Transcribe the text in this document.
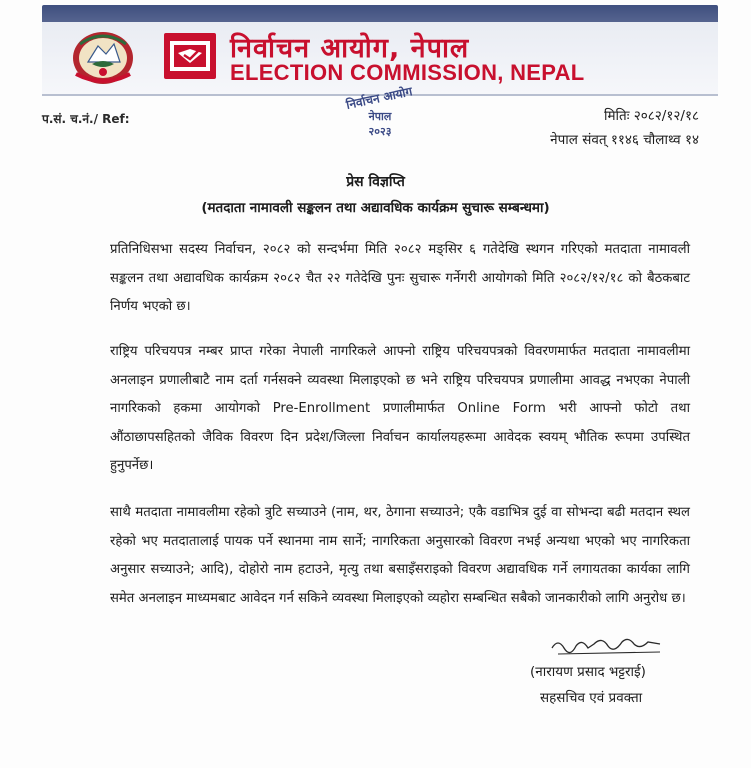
निर्वाचन आयोग, नेपाल
ELECTION COMMISSION, NEPAL
निर्वाचन आयोग
नेपाल
२०२३
प.सं. च.नं./ Ref:	मितिः २०८२/१२/१८
नेपाल संवत् ११४६ चौलाथ्व १४
प्रेस विज्ञप्ति
(मतदाता नामावली सङ्कलन तथा अद्यावधिक कार्यक्रम सुचारू सम्बन्धमा)
प्रतिनिधिसभा सदस्य निर्वाचन, २०८२ को सन्दर्भमा मिति २०८२ मङ्सिर ६ गतेदेखि स्थगन गरिएको मतदाता नामावली सङ्कलन तथा अद्यावधिक कार्यक्रम २०८२ चैत २२ गतेदेखि पुनः सुचारू गर्नेगरी आयोगको मिति २०८२/१२/१८ को बैठकबाट निर्णय भएको छ।
राष्ट्रिय परिचयपत्र नम्बर प्राप्त गरेका नेपाली नागरिकले आफ्नो राष्ट्रिय परिचयपत्रको विवरणमार्फत मतदाता नामावलीमा अनलाइन प्रणालीबाटै नाम दर्ता गर्नसक्ने व्यवस्था मिलाइएको छ भने राष्ट्रिय परिचयपत्र प्रणालीमा आवद्ध नभएका नेपाली नागरिकको हकमा आयोगको Pre-Enrollment प्रणालीमार्फत Online Form भरी आफ्नो फोटो तथा औंठाछापसहितको जैविक विवरण दिन प्रदेश/जिल्ला निर्वाचन कार्यालयहरूमा आवेदक स्वयम् भौतिक रूपमा उपस्थित हुनुपर्नेछ।
साथै मतदाता नामावलीमा रहेको त्रुटि सच्याउने (नाम, थर, ठेगाना सच्याउने; एकै वडाभित्र दुई वा सोभन्दा बढी मतदान स्थल रहेको भए मतदातालाई पायक पर्ने स्थानमा नाम सार्ने; नागरिकता अनुसारको विवरण नभई अन्यथा भएको भए नागरिकता अनुसार सच्याउने; आदि), दोहोरो नाम हटाउने, मृत्यु तथा बसाइँसराइको विवरण अद्यावधिक गर्ने लगायतका कार्यका लागि समेत अनलाइन माध्यमबाट आवेदन गर्न सकिने व्यवस्था मिलाइएको व्यहोरा सम्बन्धित सबैको जानकारीको लागि अनुरोध छ।
(नारायण प्रसाद भट्टराई)
सहसचिव एवं प्रवक्ता
